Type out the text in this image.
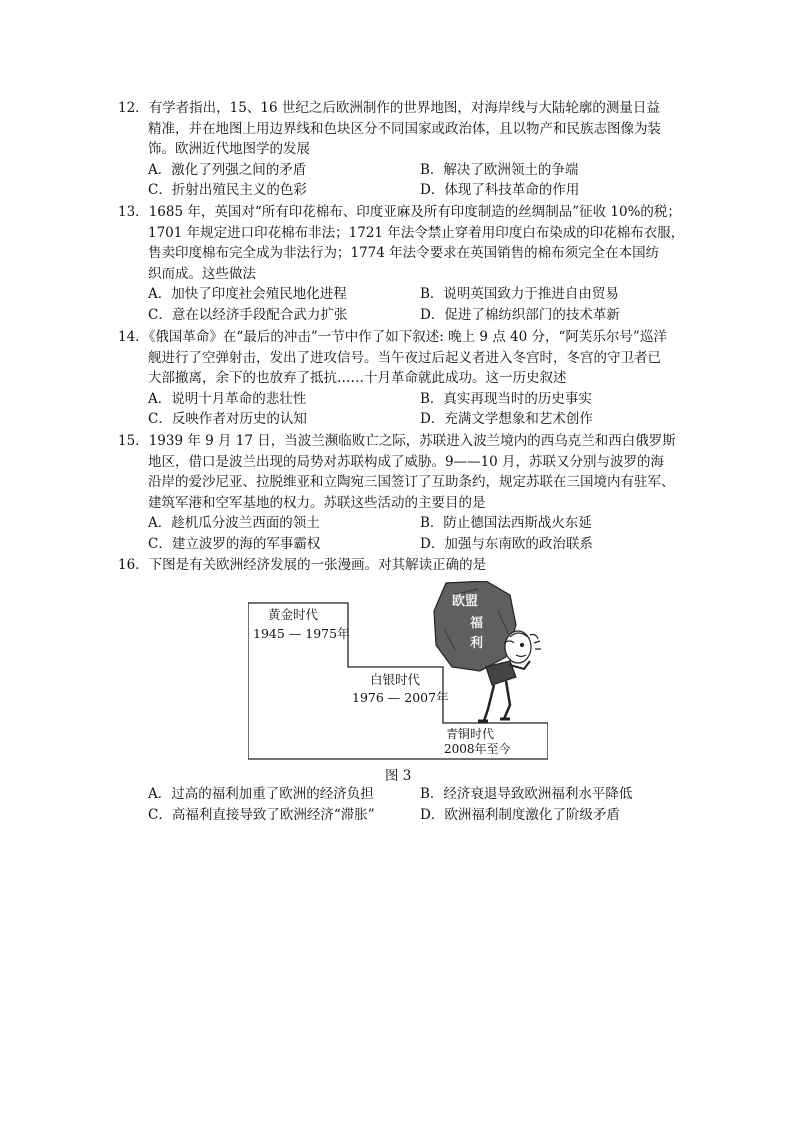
12．有学者指出，15、16 世纪之后欧洲制作的世界地图，对海岸线与大陆轮廓的测量日益
精准，并在地图上用边界线和色块区分不同国家或政治体，且以物产和民族志图像为装
饰。欧洲近代地图学的发展
A．激化了列强之间的矛盾	B．解决了欧洲领土的争端
C．折射出殖民主义的色彩	D．体现了科技革命的作用
13．1685 年，英国对“所有印花棉布、印度亚麻及所有印度制造的丝绸制品”征收 10%的税；
1701 年规定进口印花棉布非法；1721 年法令禁止穿着用印度白布染成的印花棉布衣服，
售卖印度棉布完全成为非法行为；1774 年法令要求在英国销售的棉布须完全在本国纺
织而成。这些做法
A．加快了印度社会殖民地化进程	B．说明英国致力于推进自由贸易
C．意在以经济手段配合武力扩张	D．促进了棉纺织部门的技术革新
14．《俄国革命》在“最后的冲击”一节中作了如下叙述: 晚上 9 点 40 分，“阿芙乐尔号”巡洋
舰进行了空弹射击，发出了进攻信号。当午夜过后起义者进入冬宫时，冬宫的守卫者已
大部撤离，余下的也放弃了抵抗……十月革命就此成功。这一历史叙述
A．说明十月革命的悲壮性	B．真实再现当时的历史事实
C．反映作者对历史的认知	D．充满文学想象和艺术创作
15．1939 年 9 月 17 日，当波兰濒临败亡之际，苏联进入波兰境内的西乌克兰和西白俄罗斯
地区，借口是波兰出现的局势对苏联构成了威胁。9——10 月，苏联又分别与波罗的海
沿岸的爱沙尼亚、拉脱维亚和立陶宛三国签订了互助条约，规定苏联在三国境内有驻军、
建筑军港和空军基地的权力。苏联这些活动的主要目的是
A．趁机瓜分波兰西面的领土	B．防止德国法西斯战火东延
C．建立波罗的海的军事霸权	D．加强与东南欧的政治联系
16．下图是有关欧洲经济发展的一张漫画。对其解读正确的是
黄金时代
1945 — 1975年
白银时代
1976 — 2007年
青铜时代
2008年至今
欧盟
福
利
图 3
A．过高的福利加重了欧洲的经济负担	B．经济衰退导致欧洲福利水平降低
C．高福利直接导致了欧洲经济“滞胀”	D．欧洲福利制度激化了阶级矛盾
